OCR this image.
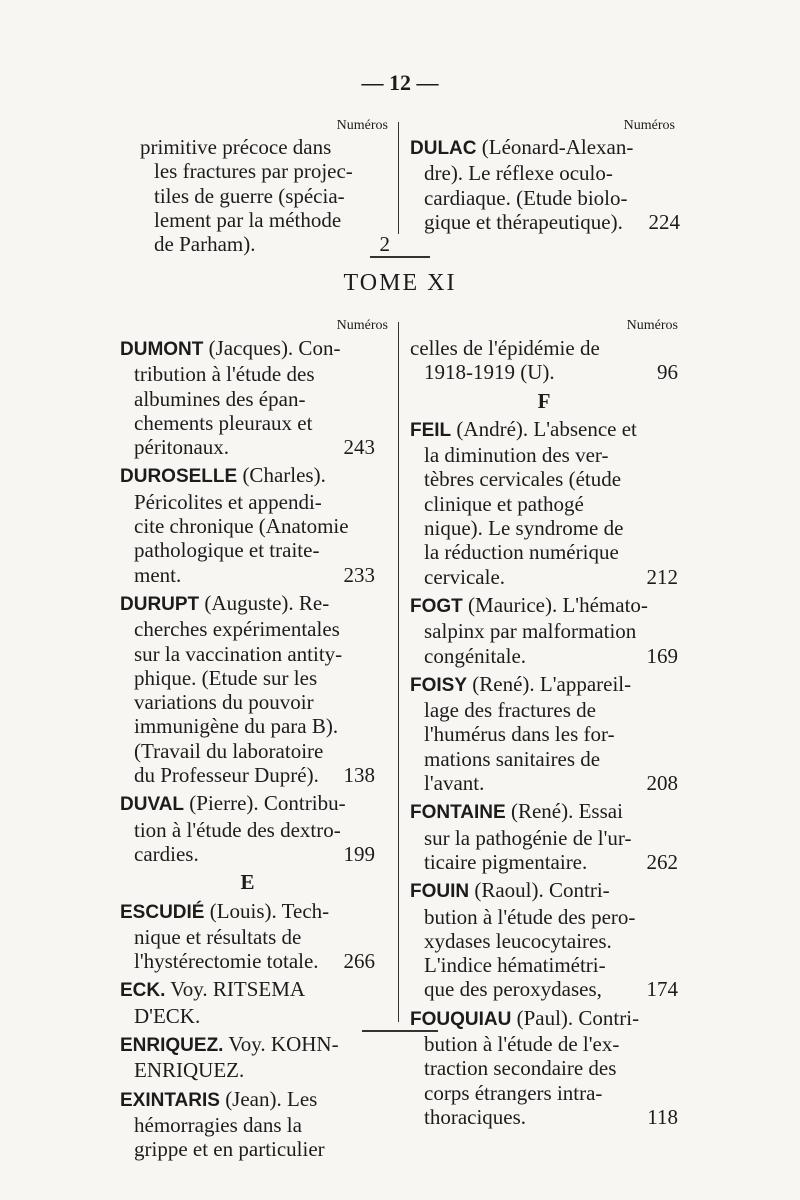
— 12 —
Numéros	Numéros
primitive précoce dans
les fractures par projec-
tiles de guerre (spécia-
lement par la méthode
de Parham).	2
DULAC (Léonard-Alexan-
dre). Le réflexe oculo-
cardiaque. (Etude biolo-
gique et thérapeutique).	224
TOME XI
Numéros	Numéros
DUMONT (Jacques). Con-
tribution à l'étude des
albumines des épan-
chements pleuraux et
péritonaux.	243
DUROSELLE (Charles).
Péricolites et appendi-
cite chronique (Anatomie
pathologique et traite-
ment.	233
DURUPT (Auguste). Re-
cherches expérimentales
sur la vaccination antity-
phique. (Etude sur les
variations du pouvoir
immunigène du para B).
(Travail du laboratoire
du Professeur Dupré).	138
DUVAL (Pierre). Contribu-
tion à l'étude des dextro-
cardies.	199
E
ESCUDIÉ (Louis). Tech-
nique et résultats de
l'hystérectomie totale.	266
ECK. Voy. RITSEMA
D'ECK.
ENRIQUEZ. Voy. KOHN-
ENRIQUEZ.
EXINTARIS (Jean). Les
hémorragies dans la
grippe et en particulier
celles de l'épidémie de
1918-1919 (U).	96
F
FEIL (André). L'absence et
la diminution des ver-
tèbres cervicales (étude
clinique et pathogé
nique). Le syndrome de
la réduction numérique
cervicale.	212
FOGT (Maurice). L'hémato-
salpinx par malformation
congénitale.	169
FOISY (René). L'appareil-
lage des fractures de
l'humérus dans les for-
mations sanitaires de
l'avant.	208
FONTAINE (René). Essai
sur la pathogénie de l'ur-
ticaire pigmentaire.	262
FOUIN (Raoul). Contri-
bution à l'étude des pero-
xydases leucocytaires.
L'indice hématimétri-
que des peroxydases,	174
FOUQUIAU (Paul). Contri-
bution à l'étude de l'ex-
traction secondaire des
corps étrangers intra-
thoraciques.	118
